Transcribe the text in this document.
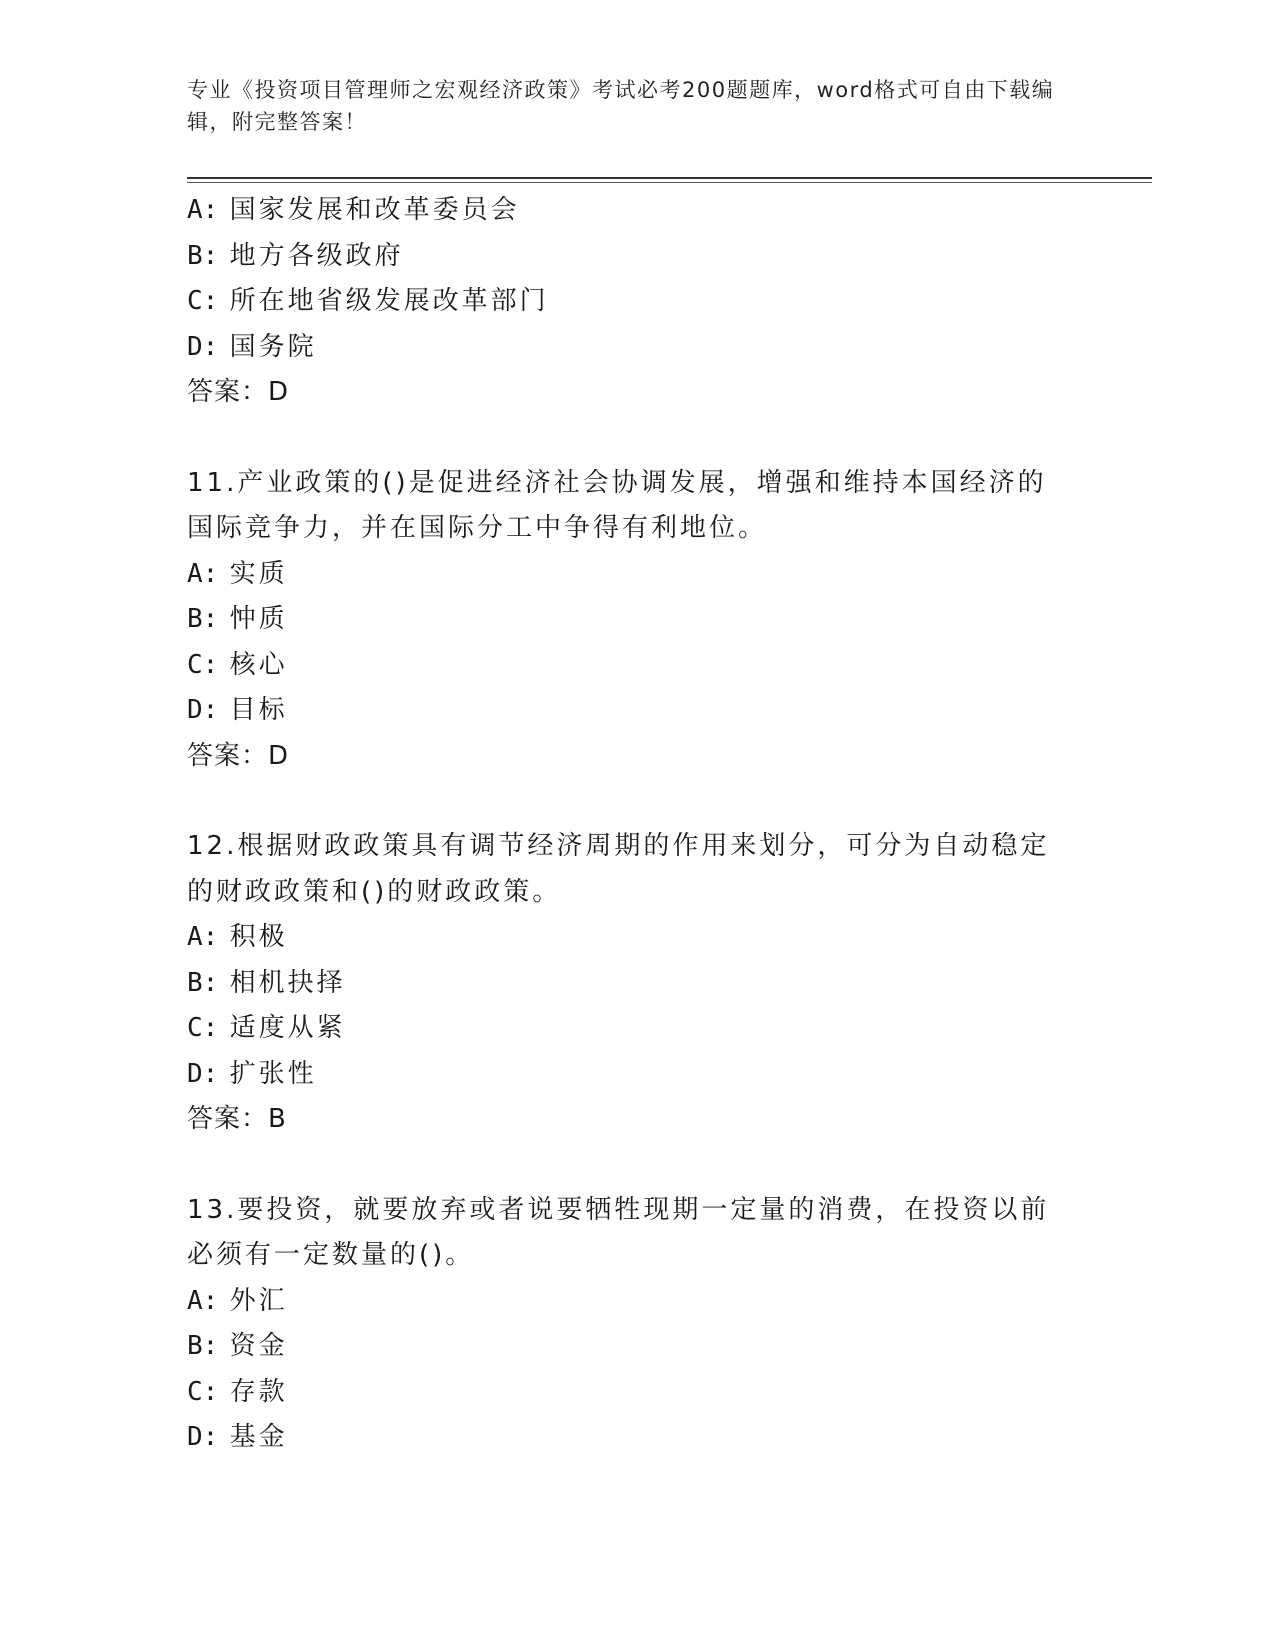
专业《投资项目管理师之宏观经济政策》考试必考200题题库，word格式可自由下载编辑，附完整答案！
A: 国家发展和改革委员会
B: 地方各级政府
C: 所在地省级发展改革部门
D: 国务院
答案：D
11.产业政策的()是促进经济社会协调发展，增强和维持本国经济的国际竞争力，并在国际分工中争得有利地位。
A: 实质
B: 忡质
C: 核心
D: 目标
答案：D
12.根据财政政策具有调节经济周期的作用来划分，可分为自动稳定的财政政策和()的财政政策。
A: 积极
B: 相机抉择
C: 适度从紧
D: 扩张性
答案：B
13.要投资，就要放弃或者说要牺牲现期一定量的消费，在投资以前必须有一定数量的()。
A: 外汇
B: 资金
C: 存款
D: 基金
